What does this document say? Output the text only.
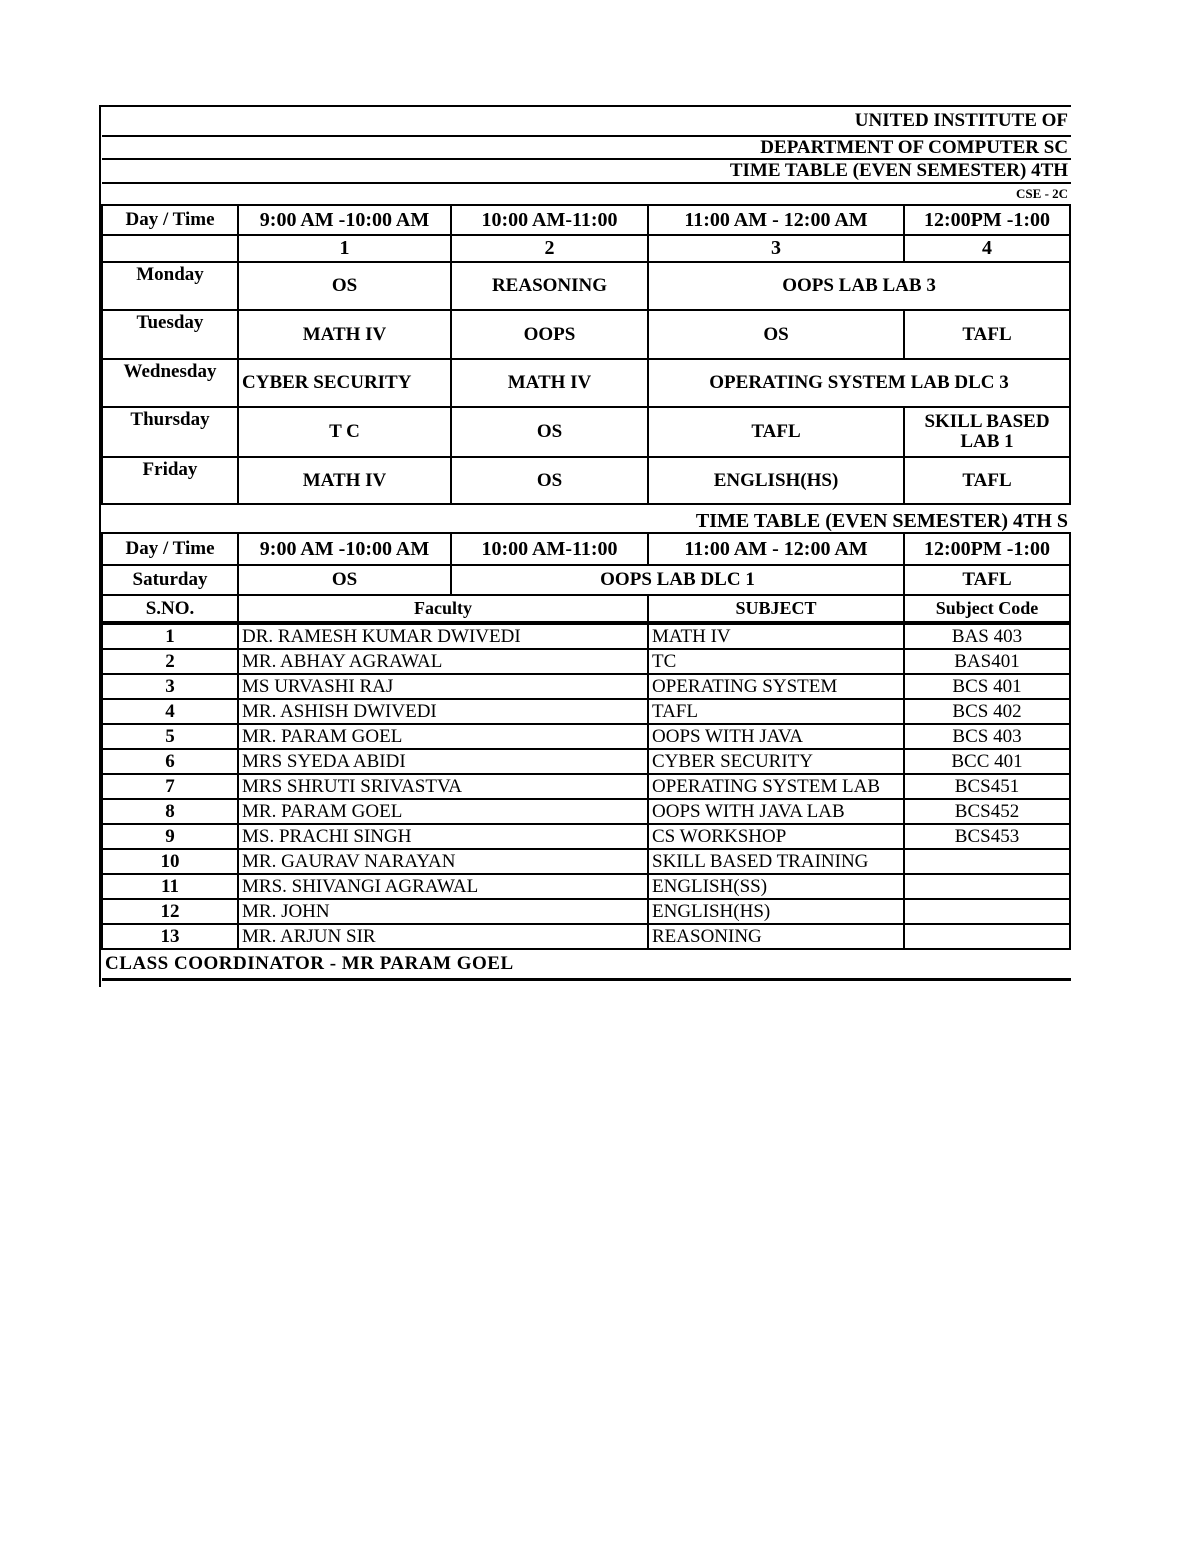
UNITED INSTITUTE OF					
DEPARTMENT OF COMPUTER SC					
TIME TABLE (EVEN SEMESTER) 4TH					
CSE - 2C					
Day / Time	9:00 AM -10:00 AM	10:00 AM-11:00	11:00 AM - 12:00 AM	12:00PM -1:00	
	1	2	3	4	
Monday	OS	REASONING	OOPS LAB LAB 3		
Tuesday	MATH IV	OOPS	OS	TAFL	
Wednesday	CYBER SECURITY	MATH IV	OPERATING SYSTEM LAB DLC 3		
Thursday	T C	OS	TAFL	SKILL BASED LAB 1	
Friday	MATH IV	OS	ENGLISH(HS)	TAFL	
TIME TABLE (EVEN SEMESTER) 4TH S					
Day / Time	9:00 AM -10:00 AM	10:00 AM-11:00	11:00 AM - 12:00 AM	12:00PM -1:00	
Saturday	OS	OOPS LAB DLC 1		TAFL	
S.NO.	Faculty		SUBJECT	Subject Code	
1	DR. RAMESH KUMAR DWIVEDI	MATH IV	BAS 403	
2	MR. ABHAY AGRAWAL	TC	BAS401	
3	MS URVASHI RAJ	OPERATING SYSTEM	BCS 401	
4	MR. ASHISH DWIVEDI	TAFL	BCS 402	
5	MR. PARAM GOEL	OOPS WITH JAVA	BCS 403	
6	MRS SYEDA ABIDI	CYBER SECURITY	BCC 401	
7	MRS SHRUTI SRIVASTVA	OPERATING SYSTEM LAB	BCS451	
8	MR. PARAM GOEL	OOPS WITH JAVA LAB	BCS452	
9	MS. PRACHI SINGH	CS WORKSHOP	BCS453	
10	MR. GAURAV NARAYAN	SKILL BASED TRAINING		
11	MRS. SHIVANGI AGRAWAL	ENGLISH(SS)		
12	MR. JOHN	ENGLISH(HS)		
13	MR. ARJUN SIR	REASONING		
CLASS COORDINATOR - MR PARAM GOEL				
